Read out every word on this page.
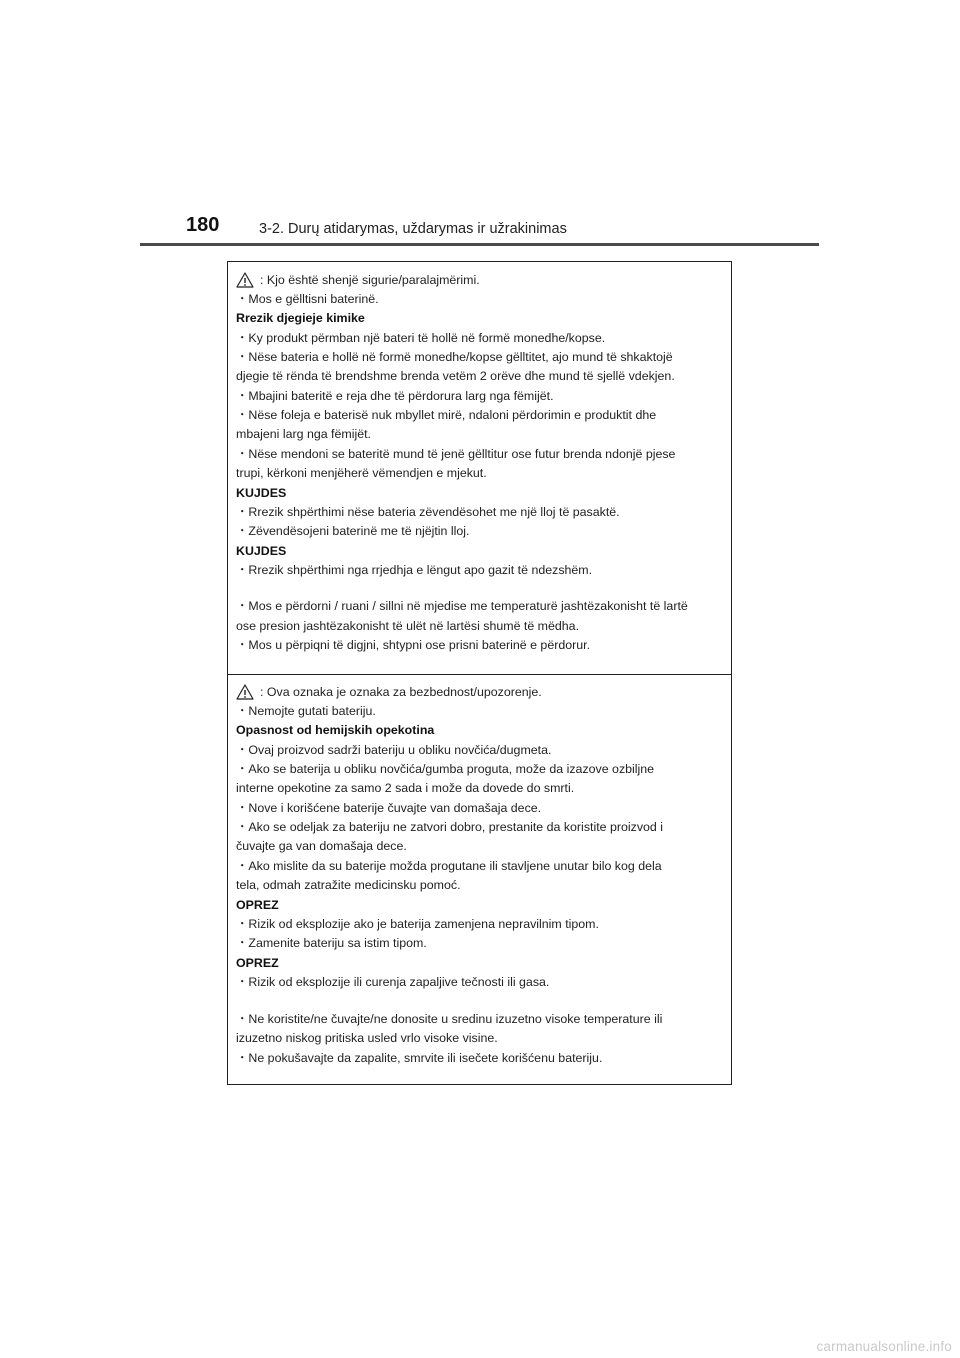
180	3-2. Durų atidarymas, uždarymas ir užrakinimas
: Kjo është shenjë sigurie/paralajmërimi.
・Mos e gëlltisni baterinë.
Rrezik djegieje kimike
・Ky produkt përmban një bateri të hollë në formë monedhe/kopse.
・Nëse bateria e hollë në formë monedhe/kopse gëlltitet, ajo mund të shkaktojë
djegie të rënda të brendshme brenda vetëm 2 orëve dhe mund të sjellë vdekjen.
・Mbajini bateritë e reja dhe të përdorura larg nga fëmijët.
・Nëse foleja e baterisë nuk mbyllet mirë, ndaloni përdorimin e produktit dhe
mbajeni larg nga fëmijët.
・Nëse mendoni se bateritë mund të jenë gëlltitur ose futur brenda ndonjë pjese
trupi, kërkoni menjëherë vëmendjen e mjekut.
KUJDES
・Rrezik shpërthimi nëse bateria zëvendësohet me një lloj të pasaktë.
・Zëvendësojeni baterinë me të njëjtin lloj.
KUJDES
・Rrezik shpërthimi nga rrjedhja e lëngut apo gazit të ndezshëm.
・Mos e përdorni / ruani / sillni në mjedise me temperaturë jashtëzakonisht të lartë
ose presion jashtëzakonisht të ulët në lartësi shumë të mëdha.
・Mos u përpiqni të digjni, shtypni ose prisni baterinë e përdorur.
: Ova oznaka je oznaka za bezbednost/upozorenje.
・Nemojte gutati bateriju.
Opasnost od hemijskih opekotina
・Ovaj proizvod sadrži bateriju u obliku novčića/dugmeta.
・Ako se baterija u obliku novčića/gumba proguta, može da izazove ozbiljne
interne opekotine za samo 2 sada i može da dovede do smrti.
・Nove i korišćene baterije čuvajte van domašaja dece.
・Ako se odeljak za bateriju ne zatvori dobro, prestanite da koristite proizvod i
čuvajte ga van domašaja dece.
・Ako mislite da su baterije možda progutane ili stavljene unutar bilo kog dela
tela, odmah zatražite medicinsku pomoć.
OPREZ
・Rizik od eksplozije ako je baterija zamenjena nepravilnim tipom.
・Zamenite bateriju sa istim tipom.
OPREZ
・Rizik od eksplozije ili curenja zapaljive tečnosti ili gasa.
・Ne koristite/ne čuvajte/ne donosite u sredinu izuzetno visoke temperature ili
izuzetno niskog pritiska usled vrlo visoke visine.
・Ne pokušavajte da zapalite, smrvite ili isečete korišćenu bateriju.
carmanualsonline.info
